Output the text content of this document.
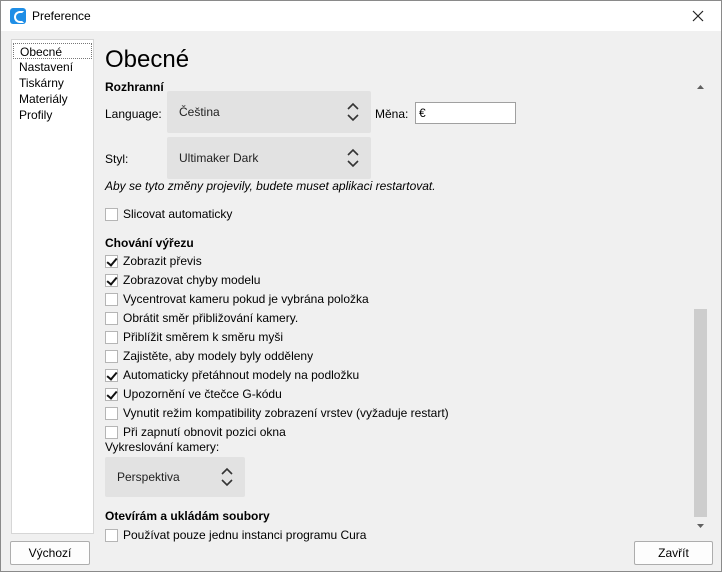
Preference
Obecné
Nastavení
Tiskárny
Materiály
Profily
Obecné
Rozhranní
Language: Čeština	Měna: €
Styl:	Ultimaker Dark
Aby se tyto změny projevily, budete muset aplikaci restartovat.
Slicovat automaticky
Chování výřezu
Zobrazit převis
Zobrazovat chyby modelu
Vycentrovat kameru pokud je vybrána položka
Obrátit směr přibližování kamery.
Přiblížit směrem k směru myši
Zajistěte, aby modely byly odděleny
Automaticky přetáhnout modely na podložku
Upozornění ve čtečce G-kódu
Vynutit režim kompatibility zobrazení vrstev (vyžaduje restart)
Při zapnutí obnovit pozici okna
Vykreslování kamery:
Perspektiva
Otevírám a ukládám soubory
Používat pouze jednu instanci programu Cura
Výchozí	Zavřít
